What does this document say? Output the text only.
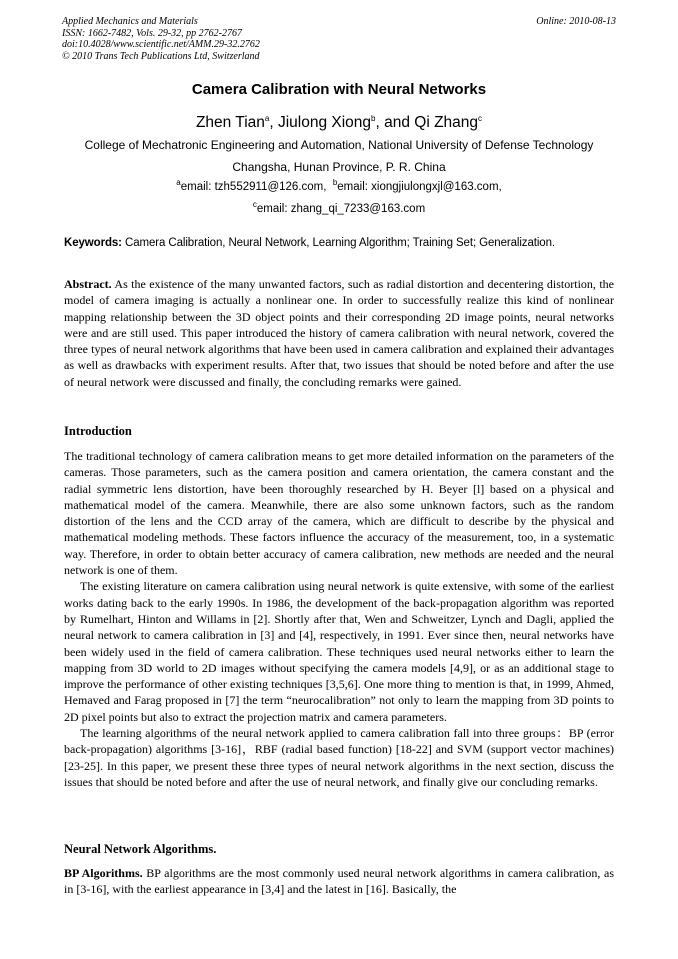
Applied Mechanics and Materials
ISSN: 1662-7482, Vols. 29-32, pp 2762-2767
doi:10.4028/www.scientific.net/AMM.29-32.2762
© 2010 Trans Tech Publications Ltd, Switzerland
Online: 2010-08-13
Camera Calibration with Neural Networks
Zhen Tian$^a$, Jiulong Xiong$^b$, and Qi Zhang$^c$
College of Mechatronic Engineering and Automation, National University of Defense Technology
Changsha, Hunan Province, P. R. China
$^a$email: tzh552911@126.com, $^b$email: xiongjiulongxjl@163.com,
$^c$email: zhang_qi_7233@163.com
Keywords: Camera Calibration, Neural Network, Learning Algorithm; Training Set; Generalization.
Abstract. As the existence of the many unwanted factors, such as radial distortion and decentering distortion, the model of camera imaging is actually a nonlinear one. In order to successfully realize this kind of nonlinear mapping relationship between the 3D object points and their corresponding 2D image points, neural networks were and are still used. This paper introduced the history of camera calibration with neural network, covered the three types of neural network algorithms that have been used in camera calibration and explained their advantages as well as drawbacks with experiment results. After that, two issues that should be noted before and after the use of neural network were discussed and finally, the concluding remarks were gained.
Introduction

The traditional technology of camera calibration means to get more detailed information on the parameters of the cameras. Those parameters, such as the camera position and camera orientation, the camera constant and the radial symmetric lens distortion, have been thoroughly researched by H. Beyer [l] based on a physical and mathematical model of the camera. Meanwhile, there are also some unknown factors, such as the random distortion of the lens and the CCD array of the camera, which are difficult to describe by the physical and mathematical modeling methods. These factors influence the accuracy of the measurement, too, in a systematic way. Therefore, in order to obtain better accuracy of camera calibration, new methods are needed and the neural network is one of them.

The existing literature on camera calibration using neural network is quite extensive, with some of the earliest works dating back to the early 1990s. In 1986, the development of the back-propagation algorithm was reported by Rumelhart, Hinton and Willams in [2]. Shortly after that, Wen and Schweitzer, Lynch and Dagli, applied the neural network to camera calibration in [3] and [4], respectively, in 1991. Ever since then, neural networks have been widely used in the field of camera calibration. These techniques used neural networks either to learn the mapping from 3D world to 2D images without specifying the camera models [4,9], or as an additional stage to improve the performance of other existing techniques [3,5,6]. One more thing to mention is that, in 1999, Ahmed, Hemaved and Farag proposed in [7] the term “neurocalibration” not only to learn the mapping from 3D points to 2D pixel points but also to extract the projection matrix and camera parameters.

The learning algorithms of the neural network applied to camera calibration fall into three groups：BP (error back-propagation) algorithms [3-16]，RBF (radial based function) [18-22] and SVM (support vector machines) [23-25]. In this paper, we present these three types of neural network algorithms in the next section, discuss the issues that should be noted before and after the use of neural network, and finally give our concluding remarks.

Neural Network Algorithms.
BP Algorithms. BP algorithms are the most commonly used neural network algorithms in camera calibration, as in [3-16], with the earliest appearance in [3,4] and the latest in [16]. Basically, the
